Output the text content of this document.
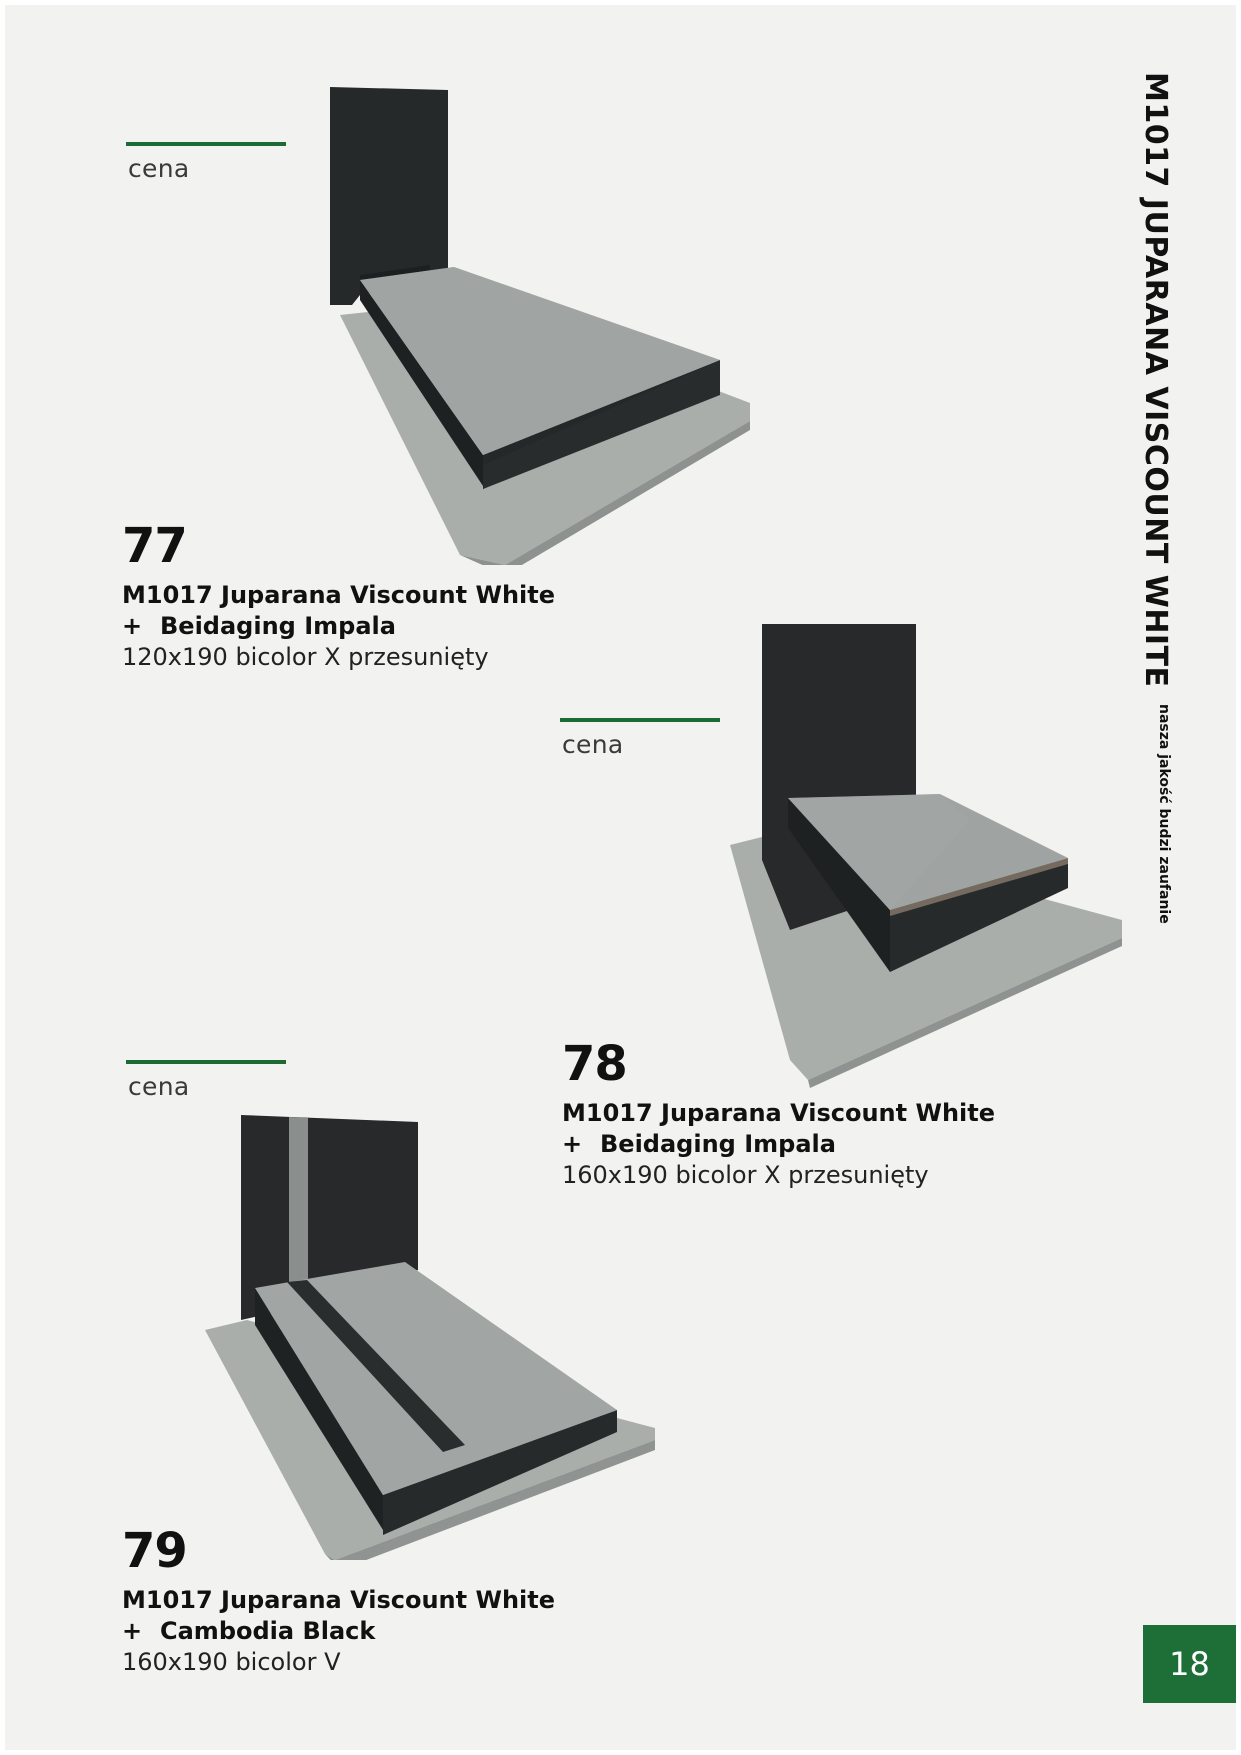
cena
77
M1017 Juparana Viscount White
+ Beidaging Impala
120x190 bicolor X przesunięty
cena
78
M1017 Juparana Viscount White
+ Beidaging Impala
160x190 bicolor X przesunięty
cena
79
M1017 Juparana Viscount White
+ Cambodia Black
160x190 bicolor V
M1017 JUPARANA VISCOUNT WHITE
nasza jakość budzi zaufanie
18
